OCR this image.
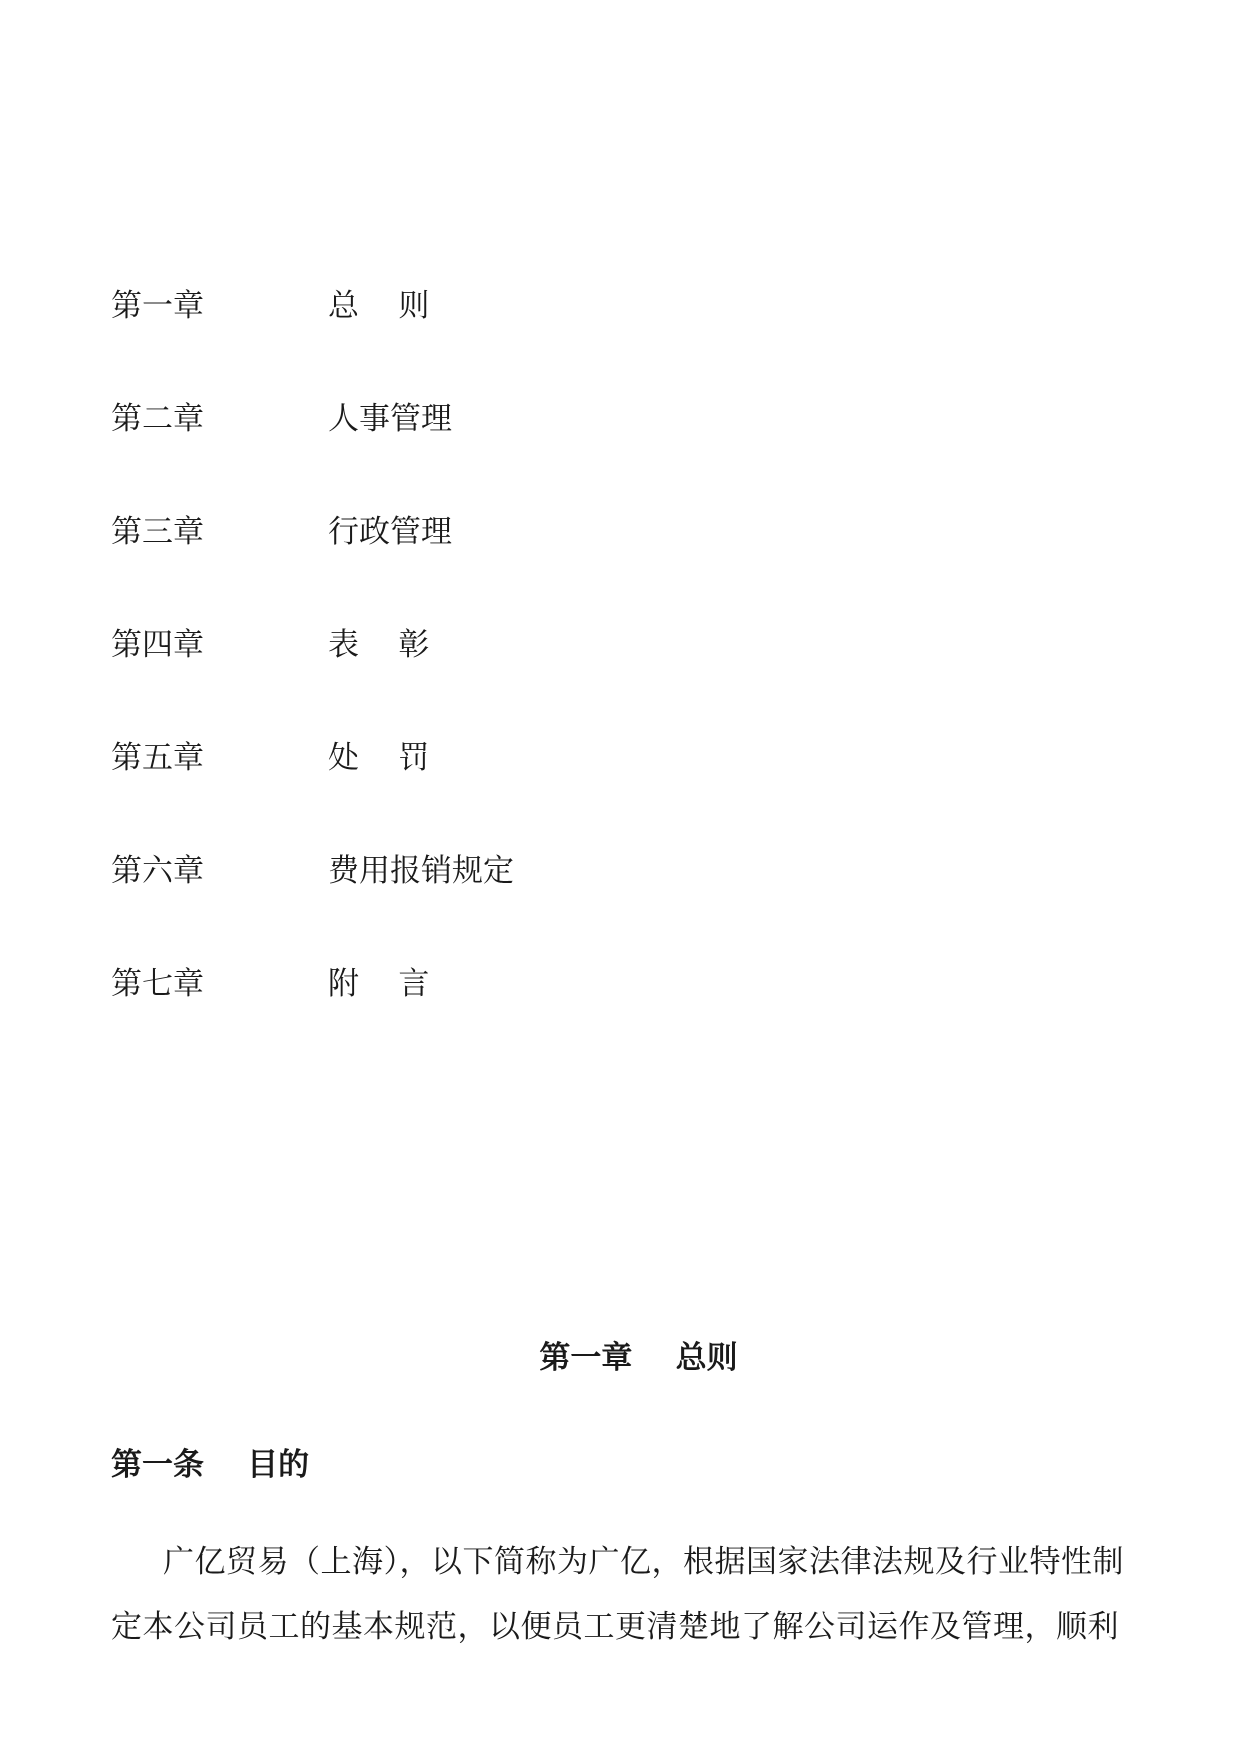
第一章	总    则
第二章	人事管理
第三章	行政管理
第四章	表    彰
第五章	处    罚
第六章	费用报销规定
第七章	附    言
第一章    总则
第一条    目的
广亿贸易（上海），以下简称为广亿，根据国家法律法规及行业特性制
定本公司员工的基本规范，以便员工更清楚地了解公司运作及管理，顺利
